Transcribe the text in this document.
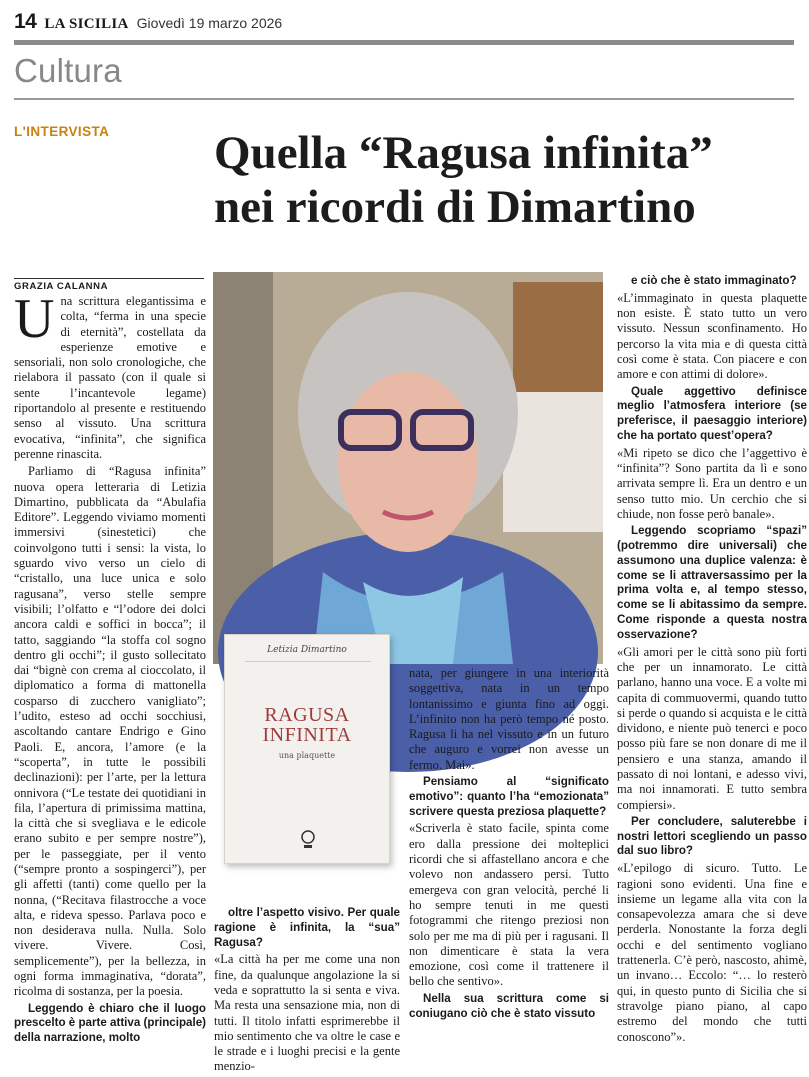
14 LA SICILIA Giovedì 19 marzo 2026
Cultura
L'INTERVISTA Quella “Ragusa infinita”
nei ricordi di Dimartino
GRAZIA CALANNA

Una scrittura elegantissima e colta, “ferma in una specie di eternità”, costellata da esperienze emotive e sensoriali, non solo cronologiche, che rielabora il passato (con il quale si sente l’incantevole legame) riportandolo al presente e restituendo senso al vissuto. Una scrittura evocativa, “infinita”, che significa perenne rinascita.

Parliamo di “Ragusa infinita” nuova opera letteraria di Letizia Dimartino, pubblicata da “Abulafia Editore”. Leggendo viviamo momenti immersivi (sinestetici) che coinvolgono tutti i sensi: la vista, lo sguardo vivo verso un cielo di “cristallo, una luce unica e solo ragusana”, verso stelle sempre visibili; l’olfatto e “l’odore dei dolci ancora caldi e soffici in bocca”; il tatto, saggiando “la stoffa col sogno dentro gli occhi”; il gusto sollecitato dai “bignè con crema al cioccolato, il diplomatico a forma di mattonella cosparso di zucchero vanigliato”; l’udito, esteso ad occhi socchiusi, ascoltando cantare Endrigo e Gino Paoli. E, ancora, l’amore (e la “scoperta”, in tutte le possibili declinazioni): per l’arte, per la lettura onnivora (“Le testate dei quotidiani in fila, l’apertura di primissima mattina, la città che si svegliava e le edicole erano subito e per sempre nostre”), per le passeggiate, per il vento (“sempre pronto a sospingerci”), per gli affetti (tanti) come quello per la nonna, (“Recitava filastrocche a voce alta, e rideva spesso. Parlava poco e non desiderava nulla. Nulla. Solo vivere. Vivere. Così, semplicemente”), per la bellezza, in ogni forma immaginativa, “dorata”, ricolma di sostanza, per la poesia.

Leggendo è chiaro che il luogo prescelto è parte attiva (principale) della narrazione, molto

Letizia Dimartino
RAGUSA
INFINITA
una plaquette

oltre l’aspetto visivo. Per quale ragione è infinita, la “sua” Ragusa?

«La città ha per me come una non fine, da qualunque angolazione la si veda e soprattutto la si senta e viva. Ma resta una sensazione mia, non di tutti. Il titolo infatti esprimerebbe il mio sentimento che va oltre le case e le strade e i luoghi precisi e la gente menzio-

nata, per giungere in una interiorità soggettiva, nata in un tempo lontanissimo e giunta fino ad oggi. L’infinito non ha però tempo né posto. Ragusa li ha nel vissuto e in un futuro che auguro e vorrei non avesse un fermo. Mai».

Pensiamo al “significato emotivo”: quanto l’ha “emozionata” scrivere questa preziosa plaquette?

«Scriverla è stato facile, spinta come ero dalla pressione dei molteplici ricordi che si affastellano ancora e che volevo non andassero persi. Tutto emergeva con gran velocità, perché li ho sempre tenuti in me questi fotogrammi che ritengo preziosi non solo per me ma di più per i ragusani. Il non dimenticare è stata la vera emozione, così come il trattenere il bello che sentivo».

Nella sua scrittura come si coniugano ciò che è stato vissuto

e ciò che è stato immaginato?

«L’immaginato in questa plaquette non esiste. È stato tutto un vero vissuto. Nessun sconfinamento. Ho percorso la vita mia e di questa città così come è stata. Con piacere e con amore e con attimi di dolore».

Quale aggettivo definisce meglio l’atmosfera interiore (se preferisce, il paesaggio interiore) che ha portato quest’opera?

«Mi ripeto se dico che l’aggettivo è “infinita”? Sono partita da lì e sono arrivata sempre lì. Era un dentro e un senso tutto mio. Un cerchio che si chiude, non fosse però banale».

Leggendo scopriamo “spazi” (potremmo dire universali) che assumono una duplice valenza: è come se li attraversassimo per la prima volta e, al tempo stesso, come se li abitassimo da sempre. Come risponde a questa nostra osservazione?

«Gli amori per le città sono più forti che per un innamorato. Le città parlano, hanno una voce. E a volte mi capita di commuovermi, quando tutto si perde o quando si acquista e le città dividono, e niente può tenerci e poco posso più fare se non donare di me il pensiero e una stanza, amando il passato di noi lontani, e adesso vivi, ma noi innamorati. E tutto sembra compiersi».

Per concludere, saluterebbe i nostri lettori scegliendo un passo dal suo libro?

«L’epilogo di sicuro. Tutto. Le ragioni sono evidenti. Una fine e insieme un legame alla vita con la consapevolezza amara che si deve perderla. Nonostante la forza degli occhi e del sentimento vogliano trattenerla. C’è però, nascosto, ahimè, un invano… Eccolo: “… lo resterò qui, in questo punto di Sicilia che si stravolge piano piano, al capo estremo del mondo che tutti conoscono”».
